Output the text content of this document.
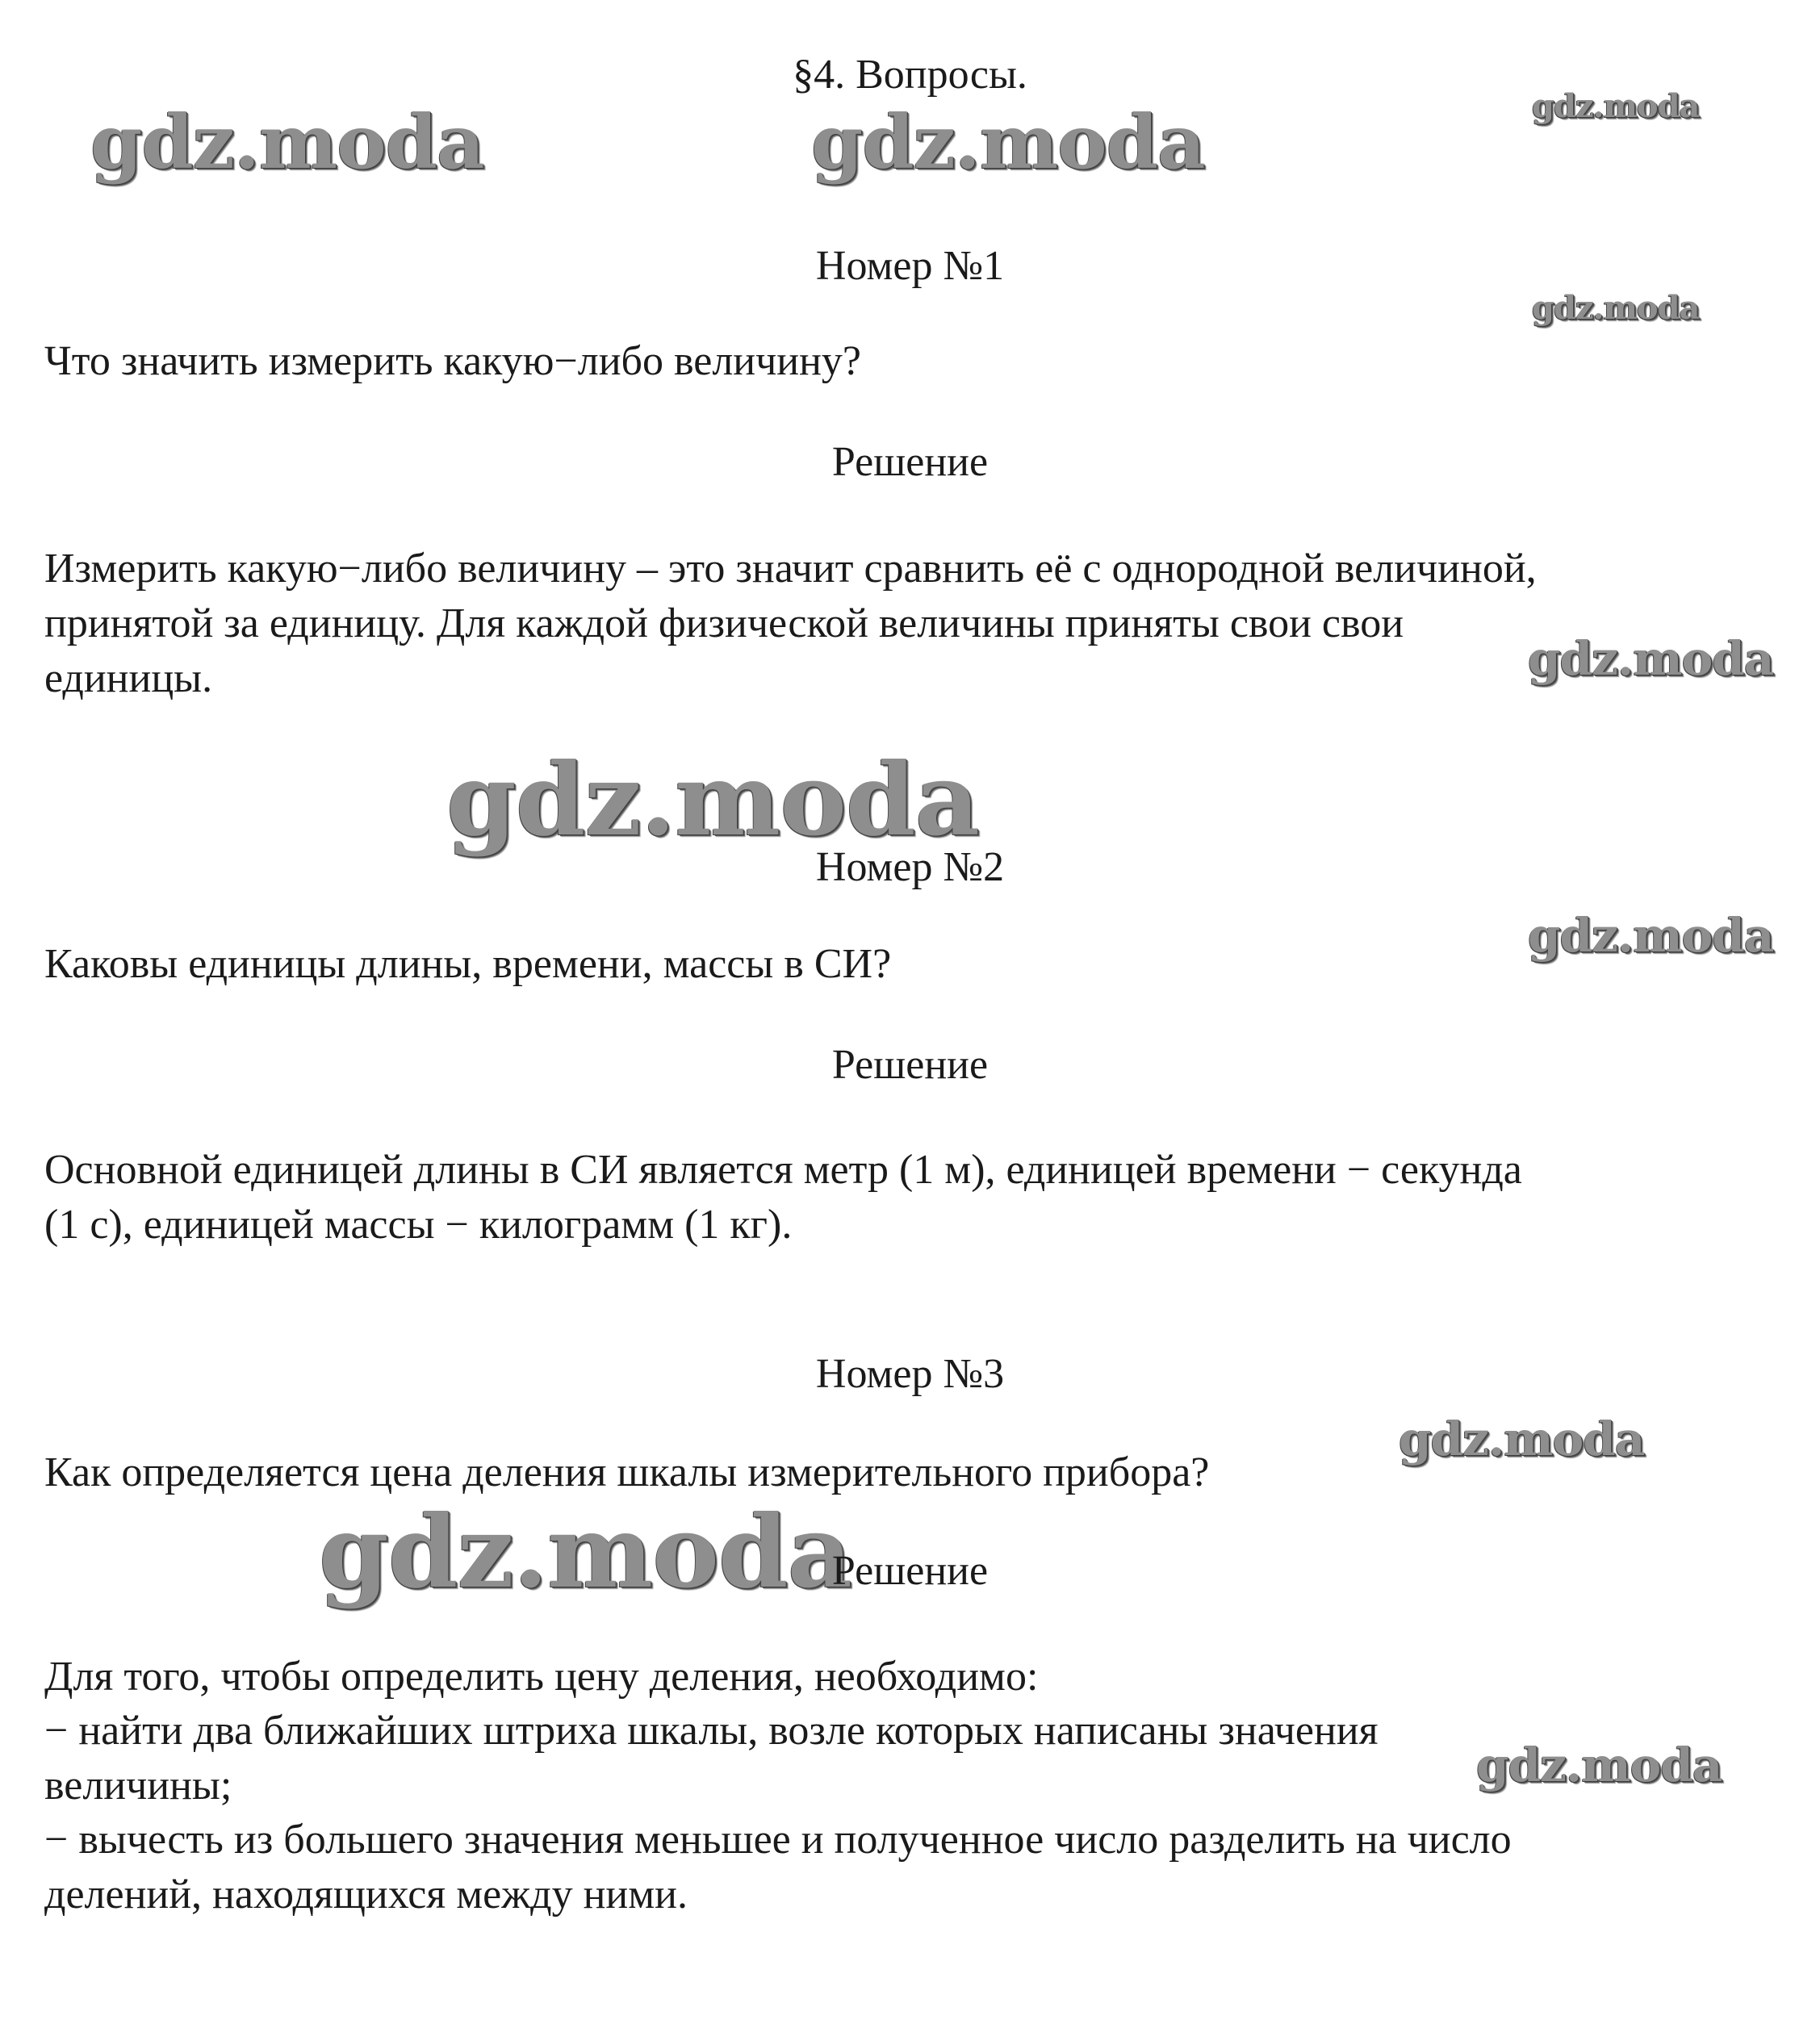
§4. Вопросы.
gdz.moda	gdz.moda	gdz.moda
gdz.moda
gdz.moda
gdz.moda
gdz.moda
gdz.moda
gdz.moda
gdz.moda
Номер №1

Что значить измерить какую−либо величину?

Решение

Измерить какую−либо величину – это значит сравнить её с однородной величиной,

принятой за единицу. Для каждой физической величины приняты свои свои

единицы.

Номер №2

Каковы единицы длины, времени, массы в СИ?

Решение

Основной единицей длины в СИ является метр (1 м), единицей времени − секунда

(1 с), единицей массы − килограмм (1 кг).

Номер №3

Как определяется цена деления шкалы измерительного прибора?

Решение

Для того, чтобы определить цену деления, необходимо:

− найти два ближайших штриха шкалы, возле которых написаны значения

величины;

− вычесть из большего значения меньшее и полученное число разделить на число

делений, находящихся между ними.
